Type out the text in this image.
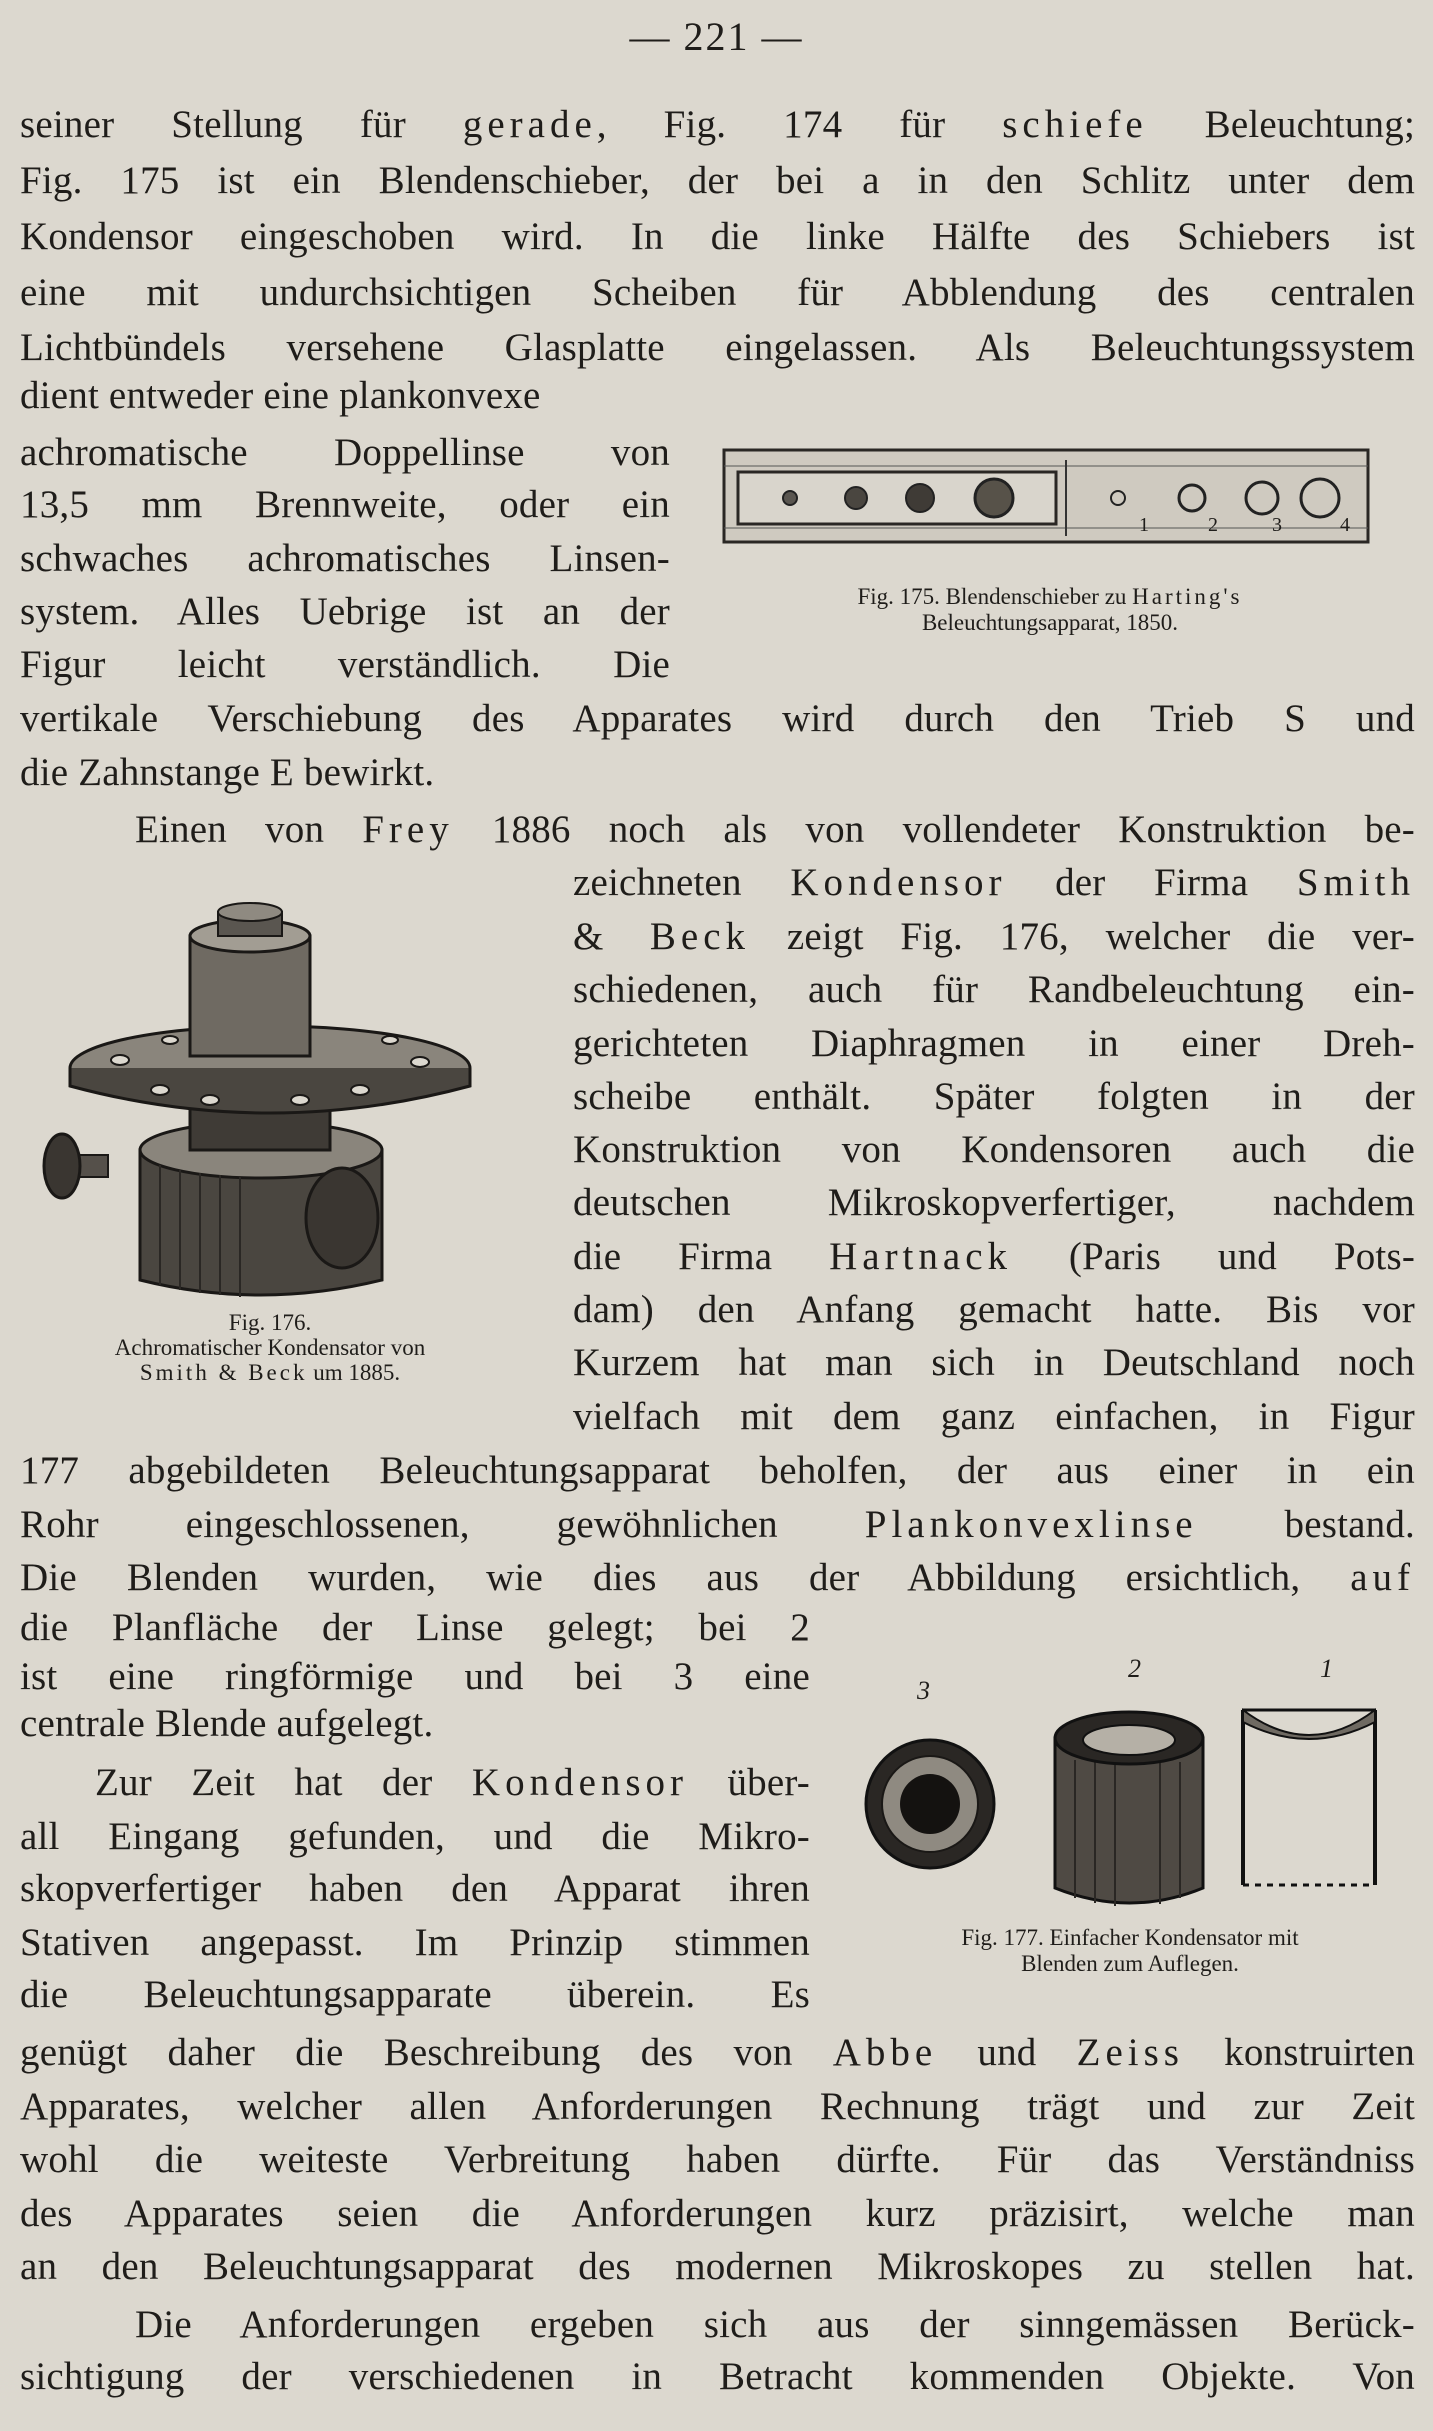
— 221 —

seiner Stellung für gerade, Fig. 174 für schiefe Beleuchtung;

Fig. 175 ist ein Blendenschieber, der bei a in den Schlitz unter dem

Kondensor eingeschoben wird. In die linke Hälfte des Schiebers ist

eine mit undurchsichtigen Scheiben für Abblendung des centralen

Lichtbündels versehene Glasplatte eingelassen. Als Beleuchtungssystem

dient entweder eine plankonvexe

achromatische Doppellinse von

13,5 mm Brennweite, oder ein

schwaches achromatisches Linsen-

system. Alles Uebrige ist an der

Figur leicht verständlich. Die

vertikale Verschiebung des Apparates wird durch den Trieb S und

die Zahnstange E bewirkt.

Einen von Frey 1886 noch als von vollendeter Konstruktion be-

zeichneten Kondensor der Firma Smith

& Beck zeigt Fig. 176, welcher die ver-

schiedenen, auch für Randbeleuchtung ein-

gerichteten Diaphragmen in einer Dreh-

scheibe enthält. Später folgten in der

Konstruktion von Kondensoren auch die

deutschen Mikroskopverfertiger, nachdem

die Firma Hartnack (Paris und Pots-

dam) den Anfang gemacht hatte. Bis vor

Kurzem hat man sich in Deutschland noch

vielfach mit dem ganz einfachen, in Figur

177 abgebildeten Beleuchtungsapparat beholfen, der aus einer in ein

Rohr eingeschlossenen, gewöhnlichen Plankonvexlinse bestand.

Die Blenden wurden, wie dies aus der Abbildung ersichtlich, auf

die Planfläche der Linse gelegt; bei 2

ist eine ringförmige und bei 3 eine

centrale Blende aufgelegt.

Zur Zeit hat der Kondensor über-

all Eingang gefunden, und die Mikro-

skopverfertiger haben den Apparat ihren

Stativen angepasst. Im Prinzip stimmen

die Beleuchtungsapparate überein. Es

genügt daher die Beschreibung des von Abbe und Zeiss konstruirten

Apparates, welcher allen Anforderungen Rechnung trägt und zur Zeit

wohl die weiteste Verbreitung haben dürfte. Für das Verständniss

des Apparates seien die Anforderungen kurz präzisirt, welche man

an den Beleuchtungsapparat des modernen Mikroskopes zu stellen hat.

Die Anforderungen ergeben sich aus der sinngemässen Berück-

sichtigung der verschiedenen in Betracht kommenden Objekte. Von

1	2	3	4

Fig. 175. Blendenschieber zu Harting's

Beleuchtungsapparat, 1850.

Fig. 176.

Achromatischer Kondensator von

Smith & Beck um 1885.

3
2	1

Fig. 177. Einfacher Kondensator mit

Blenden zum Auflegen.
